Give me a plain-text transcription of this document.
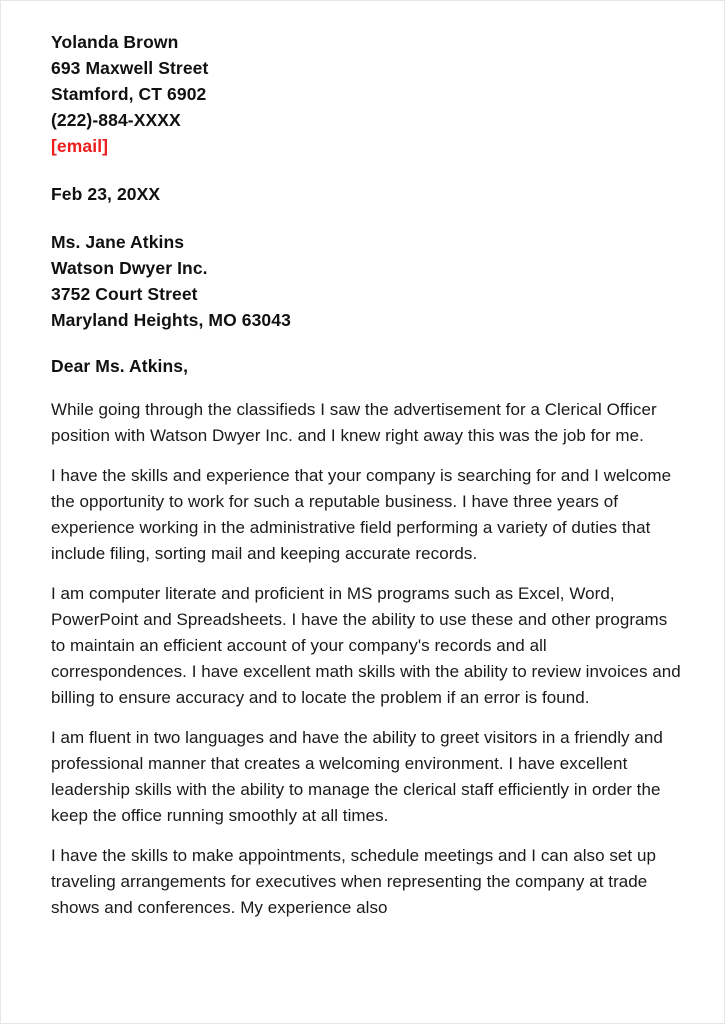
Yolanda Brown

693 Maxwell Street

Stamford, CT 6902

(222)-884-XXXX

[email]

Feb 23, 20XX

Ms. Jane Atkins

Watson Dwyer Inc.

3752 Court Street

Maryland Heights, MO 63043

Dear Ms. Atkins,

While going through the classifieds I saw the advertisement for a Clerical Officer position with Watson Dwyer Inc. and I knew right away this was the job for me.

I have the skills and experience that your company is searching for and I welcome the opportunity to work for such a reputable business. I have three years of experience working in the administrative field performing a variety of duties that include filing, sorting mail and keeping accurate records.

I am computer literate and proficient in MS programs such as Excel, Word, PowerPoint and Spreadsheets. I have the ability to use these and other programs to maintain an efficient account of your company's records and all correspondences. I have excellent math skills with the ability to review invoices and billing to ensure accuracy and to locate the problem if an error is found.

I am fluent in two languages and have the ability to greet visitors in a friendly and professional manner that creates a welcoming environment. I have excellent leadership skills with the ability to manage the clerical staff efficiently in order the keep the office running smoothly at all times.

I have the skills to make appointments, schedule meetings and I can also set up traveling arrangements for executives when representing the company at trade shows and conferences. My experience also
